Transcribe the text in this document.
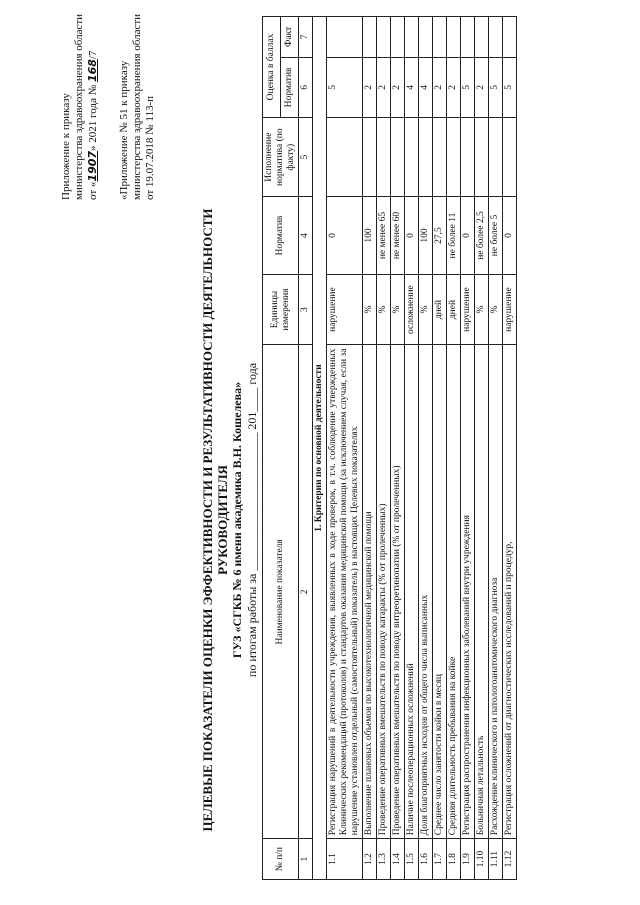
Приложение к приказу министерства здравоохранения области от «1907» 2021 года № 168/7
«Приложение № 51 к приказу министерства здравоохранения области от 19.07.2018 № 113-п
ЦЕЛЕВЫЕ ПОКАЗАТЕЛИ ОЦЕНКИ ЭФФЕКТИВНОСТИ И РЕЗУЛЬТАТИВНОСТИ ДЕЯТЕЛЬНОСТИ РУКОВОДИТЕЛЯ ГУЗ «СГКБ № 6 имени академика В.Н. Кошелева» по итогам работы за _______________________ 201____ года
№ п/п	Наименование показателя	Единицы измерения	Норматив	Исполнение норматива (по факту)	Оценка в баллах	
					Норматив	Факт
1	2	3	4	5	6	7
1. Критерии по основной деятельности						
1.1	Регистрация нарушений в деятельности учреждения, выявленных в ходе проверок, в т.ч. соблюдение утвержденных Клинических рекомендаций (протоколов) и стандартов оказания медицинской помощи (за исключением случая, если за нарушение установлен отдельный (самостоятельный) показатель) в настоящих Целевых показателях	нарушение	0		5	
1.2	Выполнение плановых объемов по высокотехнологичной медицинской помощи	%	100		2	
1.3	Проведение оперативных вмешательств по поводу катаракты (% от пролеченных)	%	не менее 65		2	
1.4	Проведение оперативных вмешательств по поводу витреоретинопатии (% от пролеченных)	%	не менее 60		2	
1.5	Наличие послеоперационных осложнений	осложнение	0		4	
1.6	Доля благоприятных исходов от общего числа выписанных	%	100		4	
1.7	Среднее число занятости койки в месяц	дней	27,5		2	
1.8	Средняя длительность пребывания на койке	дней	не более 11		2	
1.9	Регистрация распространения инфекционных заболеваний внутри учреждения	нарушение	0		5	
1.10	Больничная летальность	%	не более 2,5		2	
1.11	Расхождение клинического и патологоанатомического диагноза	%	не более 5		5	
1.12	Регистрация осложнений от диагностических исследований и процедур,	нарушение	0		5	
